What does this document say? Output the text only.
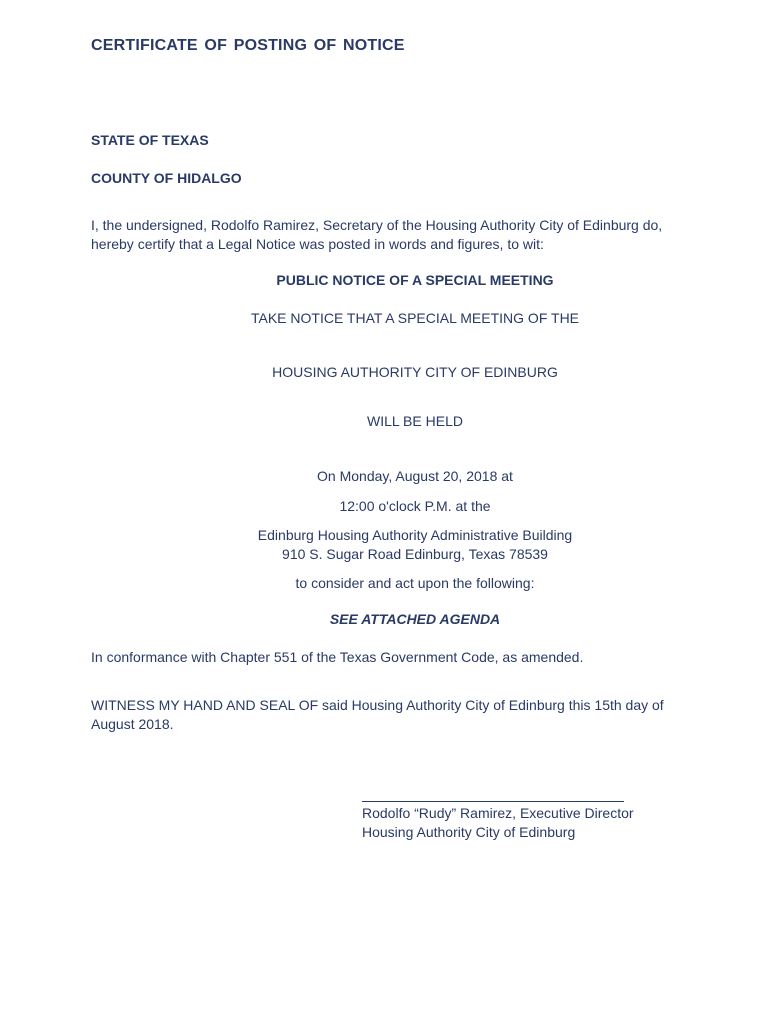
CERTIFICATE OF POSTING OF NOTICE

STATE OF TEXAS

COUNTY OF HIDALGO

I, the undersigned, Rodolfo Ramirez, Secretary of the Housing Authority City of Edinburg do,

hereby certify that a Legal Notice was posted in words and figures, to wit:

PUBLIC NOTICE OF A SPECIAL MEETING

TAKE NOTICE THAT A SPECIAL MEETING OF THE

HOUSING AUTHORITY CITY OF EDINBURG

WILL BE HELD

On Monday, August 20, 2018 at

12:00 o'clock P.M. at the

Edinburg Housing Authority Administrative Building

910 S. Sugar Road Edinburg, Texas 78539

to consider and act upon the following:

SEE ATTACHED AGENDA

In conformance with Chapter 551 of the Texas Government Code, as amended.

WITNESS MY HAND AND SEAL OF said Housing Authority City of Edinburg this 15th day of

August 2018.

Rodolfo “Rudy” Ramirez, Executive Director

Housing Authority City of Edinburg
